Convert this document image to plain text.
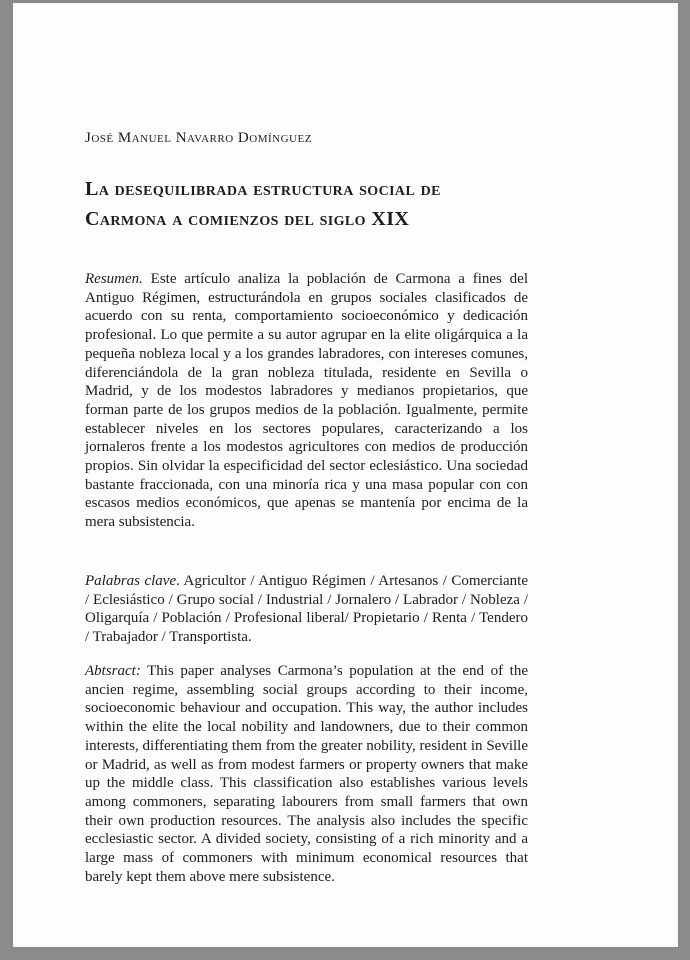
José Manuel Navarro Domínguez
La desequilibrada estructura social de
Carmona a comienzos del siglo XIX

Resumen. Este artículo analiza la población de Carmona a fines del Antiguo Régimen, estructurándola en grupos sociales clasificados de acuerdo con su renta, comportamiento socioeconómico y dedicación profesional. Lo que permite a su autor agrupar en la elite oligárquica a la pequeña nobleza local y a los grandes labradores, con intereses comunes, diferenciándola de la gran nobleza titulada, residente en Sevilla o Madrid, y de los modestos labradores y medianos propietarios, que forman parte de los grupos medios de la población. Igualmente, permite establecer niveles en los sectores populares, caracterizando a los jornaleros frente a los modestos agricultores con medios de producción propios. Sin olvidar la especificidad del sector eclesiástico. Una sociedad bastante fraccionada, con una minoría rica y una masa popular con con escasos medios económicos, que apenas se mantenía por encima de la mera subsistencia.

Palabras clave. Agricultor / Antiguo Régimen / Artesanos / Comerciante / Eclesiástico / Grupo social / Industrial / Jornalero / Labrador / Nobleza / Oligarquía / Población / Profesional liberal/ Propietario / Renta / Tendero / Trabajador / Transportista.

Abtsract: This paper analyses Carmona’s population at the end of the ancien regime, assembling social groups according to their income, socioeconomic behaviour and occupation. This way, the author includes within the elite the local nobility and landowners, due to their common interests, differentiating them from the greater nobility, resident in Seville or Madrid, as well as from modest farmers or property owners that make up the middle class. This classification also establishes various levels among commoners, separating labourers from small farmers that own their own production resources. The analysis also includes the specific ecclesiastic sector. A divided society, consisting of a rich minority and a large mass of commoners with minimum economical resources that barely kept them above mere subsistence.
